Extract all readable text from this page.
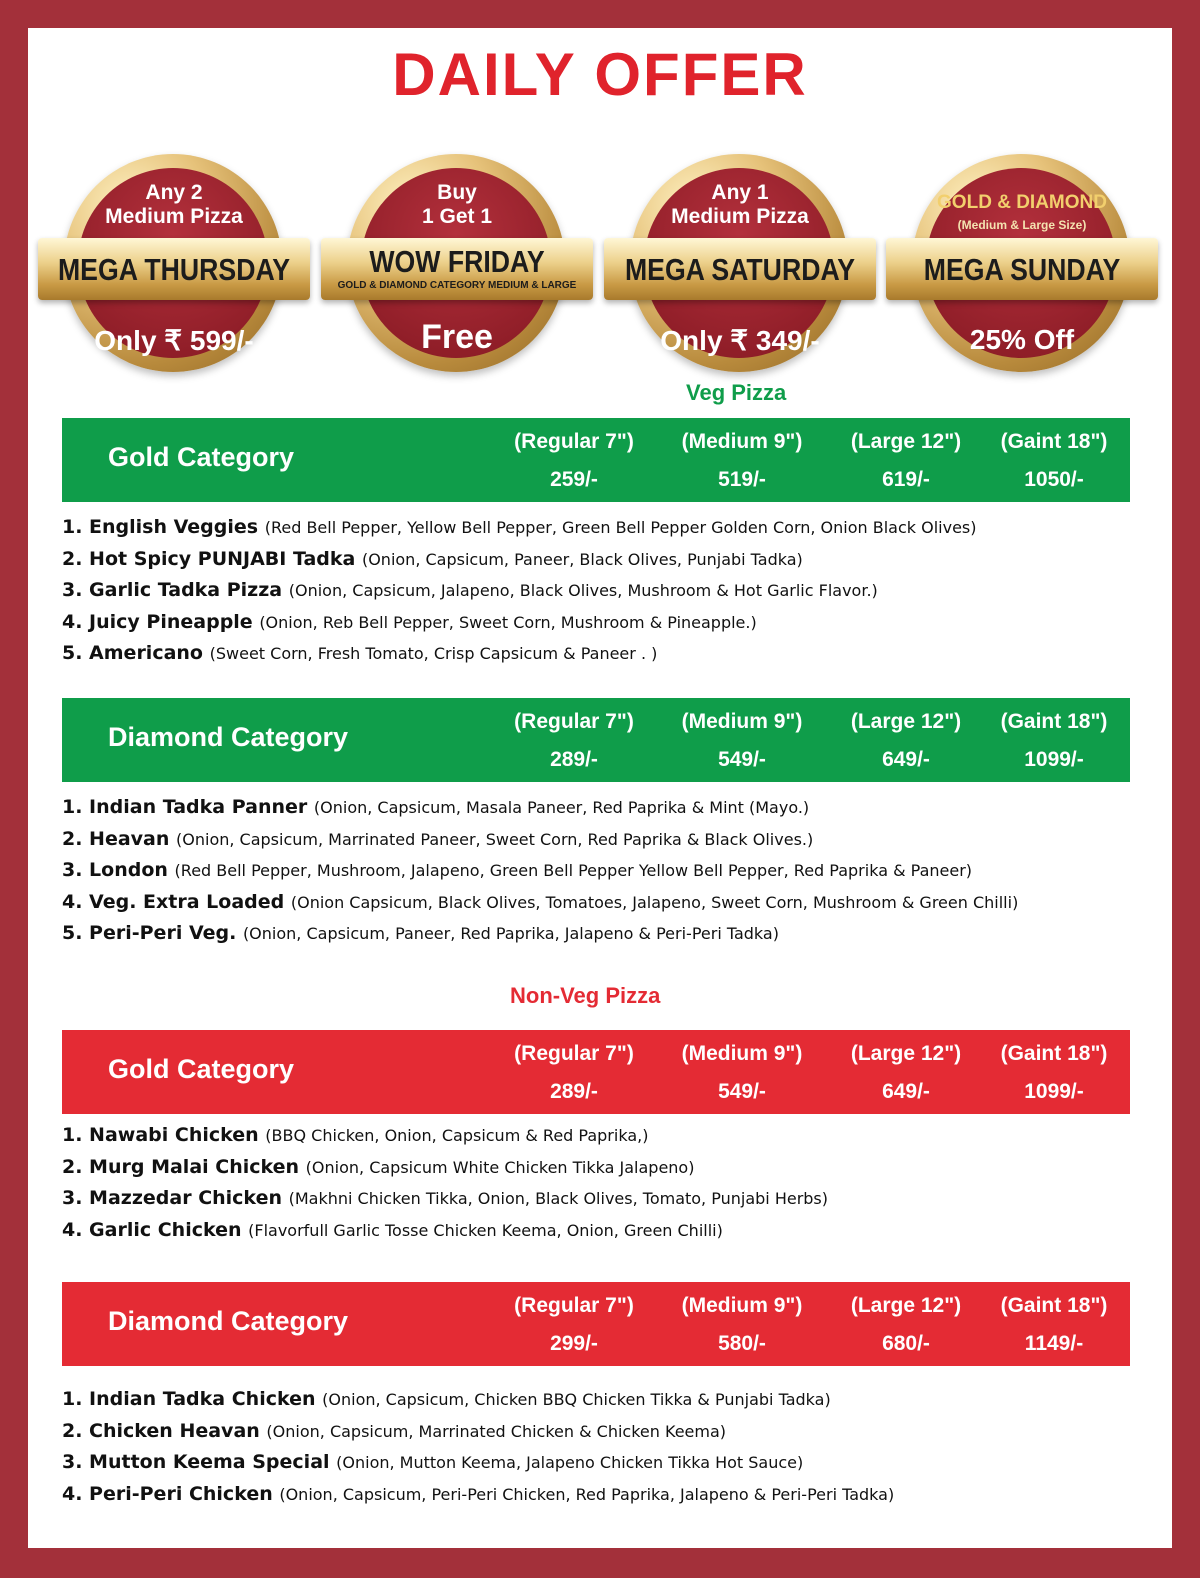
DAILY OFFER
Any 2
Medium Pizza
MEGA THURSDAY
Only ₹ 599/-
Buy
1 Get 1
WOW FRIDAY
GOLD & DIAMOND CATEGORY MEDIUM & LARGE
Free
Any 1
Medium Pizza
MEGA SATURDAY
Only ₹ 349/-
GOLD & DIAMOND
(Medium & Large Size)
MEGA SUNDAY
25% Off
Veg Pizza
Gold Category
(Regular 7")	(Medium 9")	(Large 12")	(Gaint 18")
259/-	519/-	619/-	1050/-
1. English Veggies (Red Bell Pepper, Yellow Bell Pepper, Green Bell Pepper Golden Corn, Onion Black Olives)
2. Hot Spicy PUNJABI Tadka (Onion, Capsicum, Paneer, Black Olives, Punjabi Tadka)
3. Garlic Tadka Pizza (Onion, Capsicum, Jalapeno, Black Olives, Mushroom & Hot Garlic Flavor.)
4. Juicy Pineapple (Onion, Reb Bell Pepper, Sweet Corn, Mushroom & Pineapple.)
5. Americano (Sweet Corn, Fresh Tomato, Crisp Capsicum & Paneer . )
Diamond Category
(Regular 7")	(Medium 9")	(Large 12")	(Gaint 18")
289/-	549/-	649/-	1099/-
1. Indian Tadka Panner (Onion, Capsicum, Masala Paneer, Red Paprika & Mint (Mayo.)
2. Heavan (Onion, Capsicum, Marrinated Paneer, Sweet Corn, Red Paprika & Black Olives.)
3. London (Red Bell Pepper, Mushroom, Jalapeno, Green Bell Pepper Yellow Bell Pepper, Red Paprika & Paneer)
4. Veg. Extra Loaded (Onion Capsicum, Black Olives, Tomatoes, Jalapeno, Sweet Corn, Mushroom & Green Chilli)
5. Peri-Peri Veg. (Onion, Capsicum, Paneer, Red Paprika, Jalapeno & Peri-Peri Tadka)
Non-Veg Pizza
Gold Category
(Regular 7")	(Medium 9")	(Large 12")	(Gaint 18")
289/-	549/-	649/-	1099/-
1. Nawabi Chicken (BBQ Chicken, Onion, Capsicum & Red Paprika,)
2. Murg Malai Chicken (Onion, Capsicum White Chicken Tikka Jalapeno)
3. Mazzedar Chicken (Makhni Chicken Tikka, Onion, Black Olives, Tomato, Punjabi Herbs)
4. Garlic Chicken (Flavorfull Garlic Tosse Chicken Keema, Onion, Green Chilli)
Diamond Category
(Regular 7")	(Medium 9")	(Large 12")	(Gaint 18")
299/-	580/-	680/-	1149/-
1. Indian Tadka Chicken (Onion, Capsicum, Chicken BBQ Chicken Tikka & Punjabi Tadka)
2. Chicken Heavan (Onion, Capsicum, Marrinated Chicken & Chicken Keema)
3. Mutton Keema Special (Onion, Mutton Keema, Jalapeno Chicken Tikka Hot Sauce)
4. Peri-Peri Chicken (Onion, Capsicum, Peri-Peri Chicken, Red Paprika, Jalapeno & Peri-Peri Tadka)
